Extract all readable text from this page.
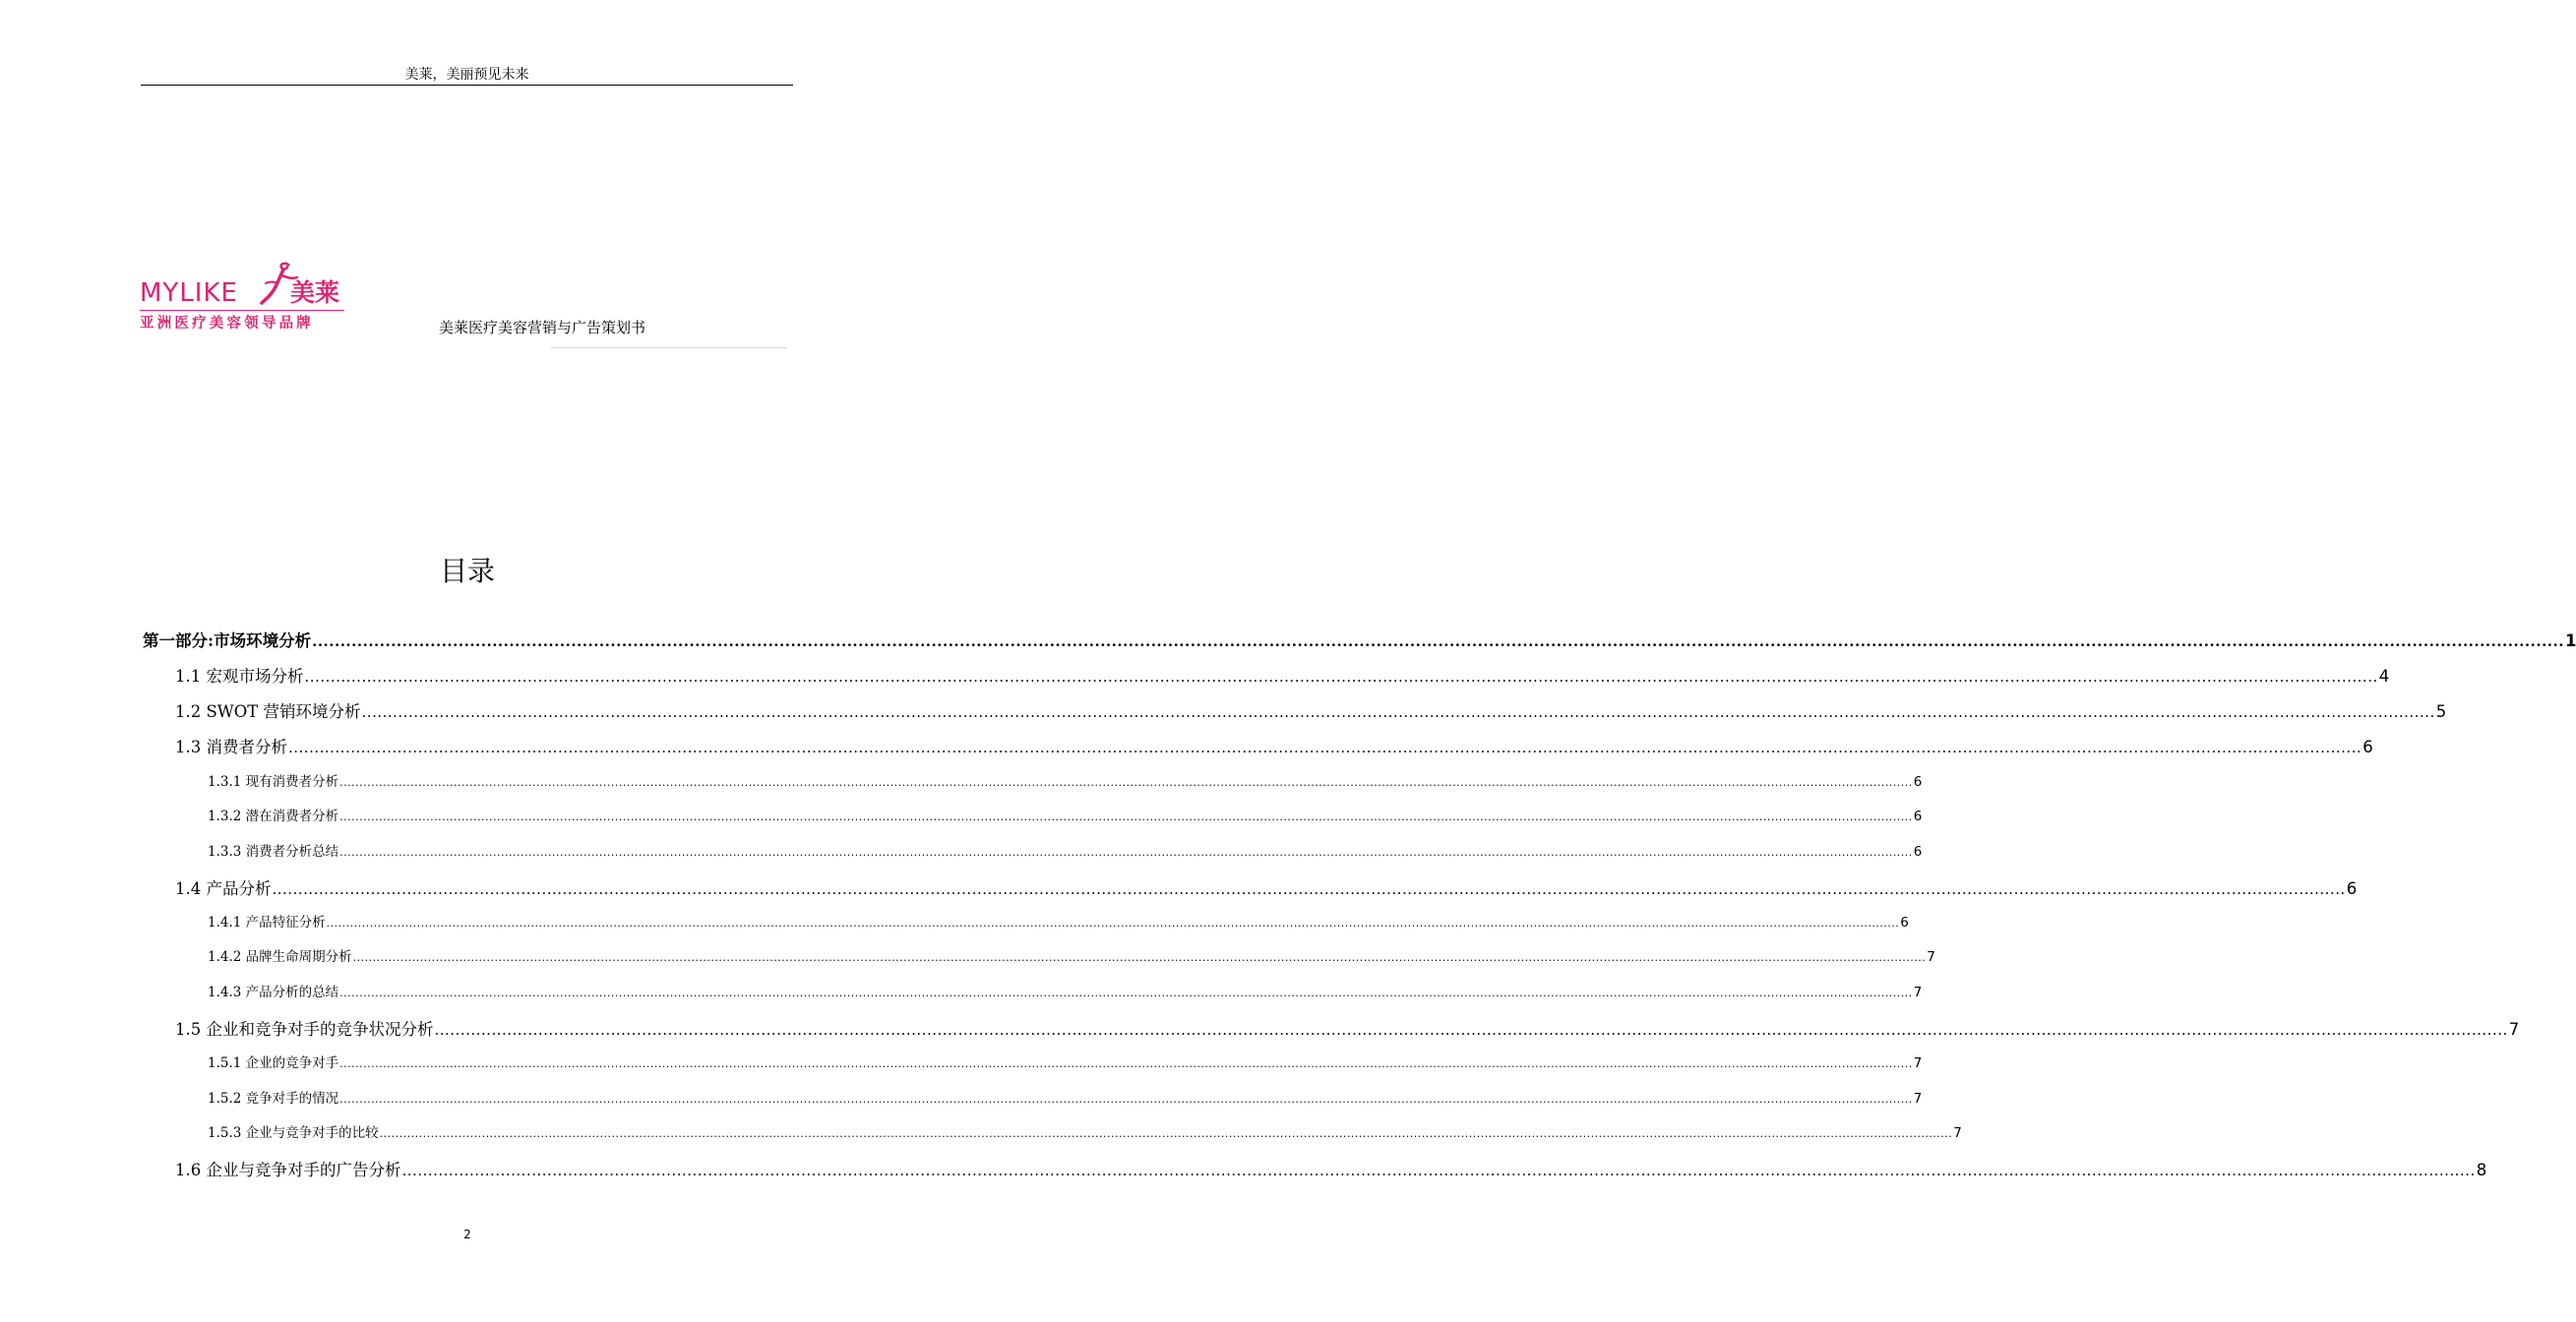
美莱，美丽预见未来
MYLIKE 美莱
亚洲医疗美容领导品牌	美莱医疗美容营销与广告策划书
目录
第一部分:市场环境分析 ................................................................................................................................................................................................................................................................................................................................................................................................................ 1
1.1 宏观市场分析 ................................................................................................................................................................................................................................................................................................................................................................................................................ 4
1.2 SWOT 营销环境分析 ................................................................................................................................................................................................................................................................................................................................................................................................................ 5
1.3 消费者分析 ................................................................................................................................................................................................................................................................................................................................................................................................................ 6
1.3.1 现有消费者分析 ................................................................................................................................................................................................................................................................................................................................................................................................................ 6
1.3.2 潜在消费者分析 ................................................................................................................................................................................................................................................................................................................................................................................................................ 6
1.3.3 消费者分析总结 ................................................................................................................................................................................................................................................................................................................................................................................................................ 6
1.4 产品分析 ................................................................................................................................................................................................................................................................................................................................................................................................................ 6
1.4.1 产品特征分析 ................................................................................................................................................................................................................................................................................................................................................................................................................ 6
1.4.2 品牌生命周期分析 ................................................................................................................................................................................................................................................................................................................................................................................................................ 7
1.4.3 产品分析的总结 ................................................................................................................................................................................................................................................................................................................................................................................................................ 7
1.5 企业和竞争对手的竞争状况分析 ................................................................................................................................................................................................................................................................................................................................................................................................................ 7
1.5.1 企业的竞争对手 ................................................................................................................................................................................................................................................................................................................................................................................................................ 7
1.5.2 竞争对手的情况 ................................................................................................................................................................................................................................................................................................................................................................................................................ 7
1.5.3 企业与竞争对手的比较 ................................................................................................................................................................................................................................................................................................................................................................................................................ 7
1.6 企业与竞争对手的广告分析 ................................................................................................................................................................................................................................................................................................................................................................................................................ 8
2
